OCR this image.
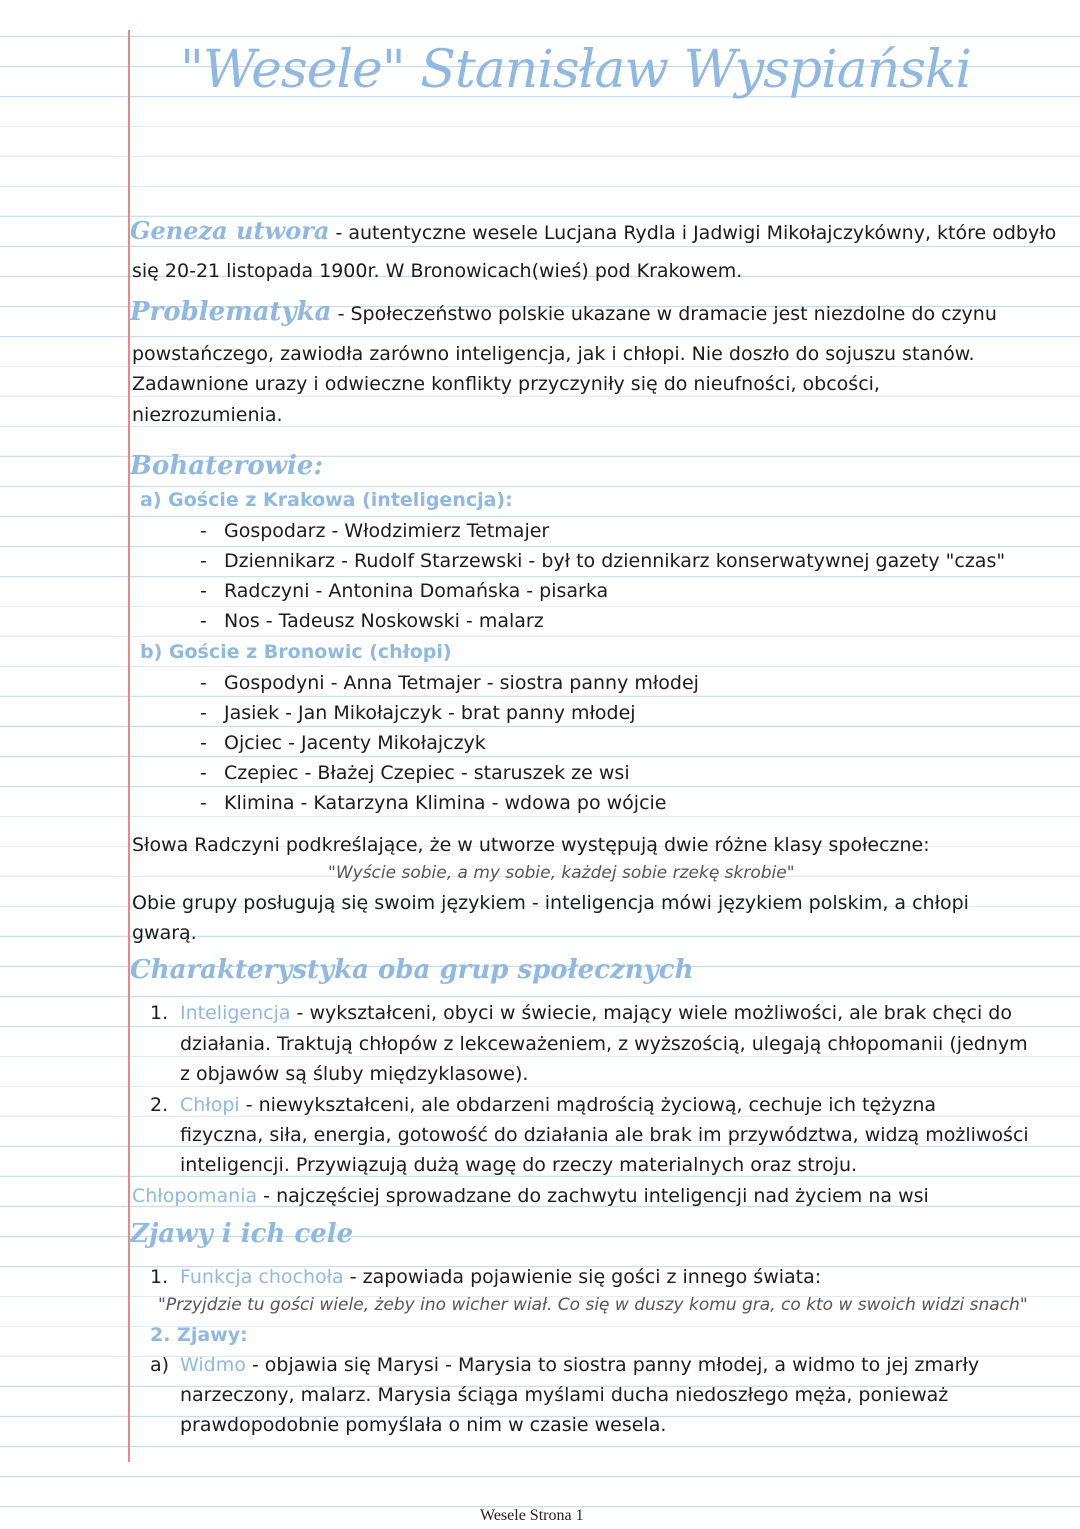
"Wesele" Stanisław Wyspiański
Geneza utwora - autentyczne wesele Lucjana Rydla i Jadwigi Mikołajczykówny, które odbyło
się 20-21 listopada 1900r. W Bronowicach(wieś) pod Krakowem.
Problematyka - Społeczeństwo polskie ukazane w dramacie jest niezdolne do czynu
powstańczego, zawiodła zarówno inteligencja, jak i chłopi. Nie doszło do sojuszu stanów.
Zadawnione urazy i odwieczne konflikty przyczyniły się do nieufności, obcości,
niezrozumienia.
Bohaterowie:
a) Goście z Krakowa (inteligencja):
- Gospodarz - Włodzimierz Tetmajer
- Dziennikarz - Rudolf Starzewski - był to dziennikarz konserwatywnej gazety "czas"
- Radczyni - Antonina Domańska - pisarka
- Nos - Tadeusz Noskowski - malarz
b) Goście z Bronowic (chłopi)
- Gospodyni - Anna Tetmajer - siostra panny młodej
- Jasiek - Jan Mikołajczyk - brat panny młodej
- Ojciec - Jacenty Mikołajczyk
- Czepiec - Błażej Czepiec - staruszek ze wsi
- Klimina - Katarzyna Klimina - wdowa po wójcie
Słowa Radczyni podkreślające, że w utworze występują dwie różne klasy społeczne:
"Wyście sobie, a my sobie, każdej sobie rzekę skrobie"
Obie grupy posługują się swoim językiem - inteligencja mówi językiem polskim, a chłopi
gwarą.
Charakterystyka oba grup społecznych
1. Inteligencja - wykształceni, obyci w świecie, mający wiele możliwości, ale brak chęci do
działania. Traktują chłopów z lekceważeniem, z wyższością, ulegają chłopomanii (jednym
z objawów są śluby międzyklasowe).
2. Chłopi - niewykształceni, ale obdarzeni mądrością życiową, cechuje ich tężyzna
fizyczna, siła, energia, gotowość do działania ale brak im przywództwa, widzą możliwości
inteligencji. Przywiązują dużą wagę do rzeczy materialnych oraz stroju.
Chłopomania - najczęściej sprowadzane do zachwytu inteligencji nad życiem na wsi
Zjawy i ich cele
1. Funkcja chochoła - zapowiada pojawienie się gości z innego świata:
"Przyjdzie tu gości wiele, żeby ino wicher wiał. Co się w duszy komu gra, co kto w swoich widzi snach"
2. Zjawy:
a) Widmo - objawia się Marysi - Marysia to siostra panny młodej, a widmo to jej zmarły
narzeczony, malarz. Marysia ściąga myślami ducha niedoszłego męża, ponieważ
prawdopodobnie pomyślała o nim w czasie wesela.
Wesele Strona 1
